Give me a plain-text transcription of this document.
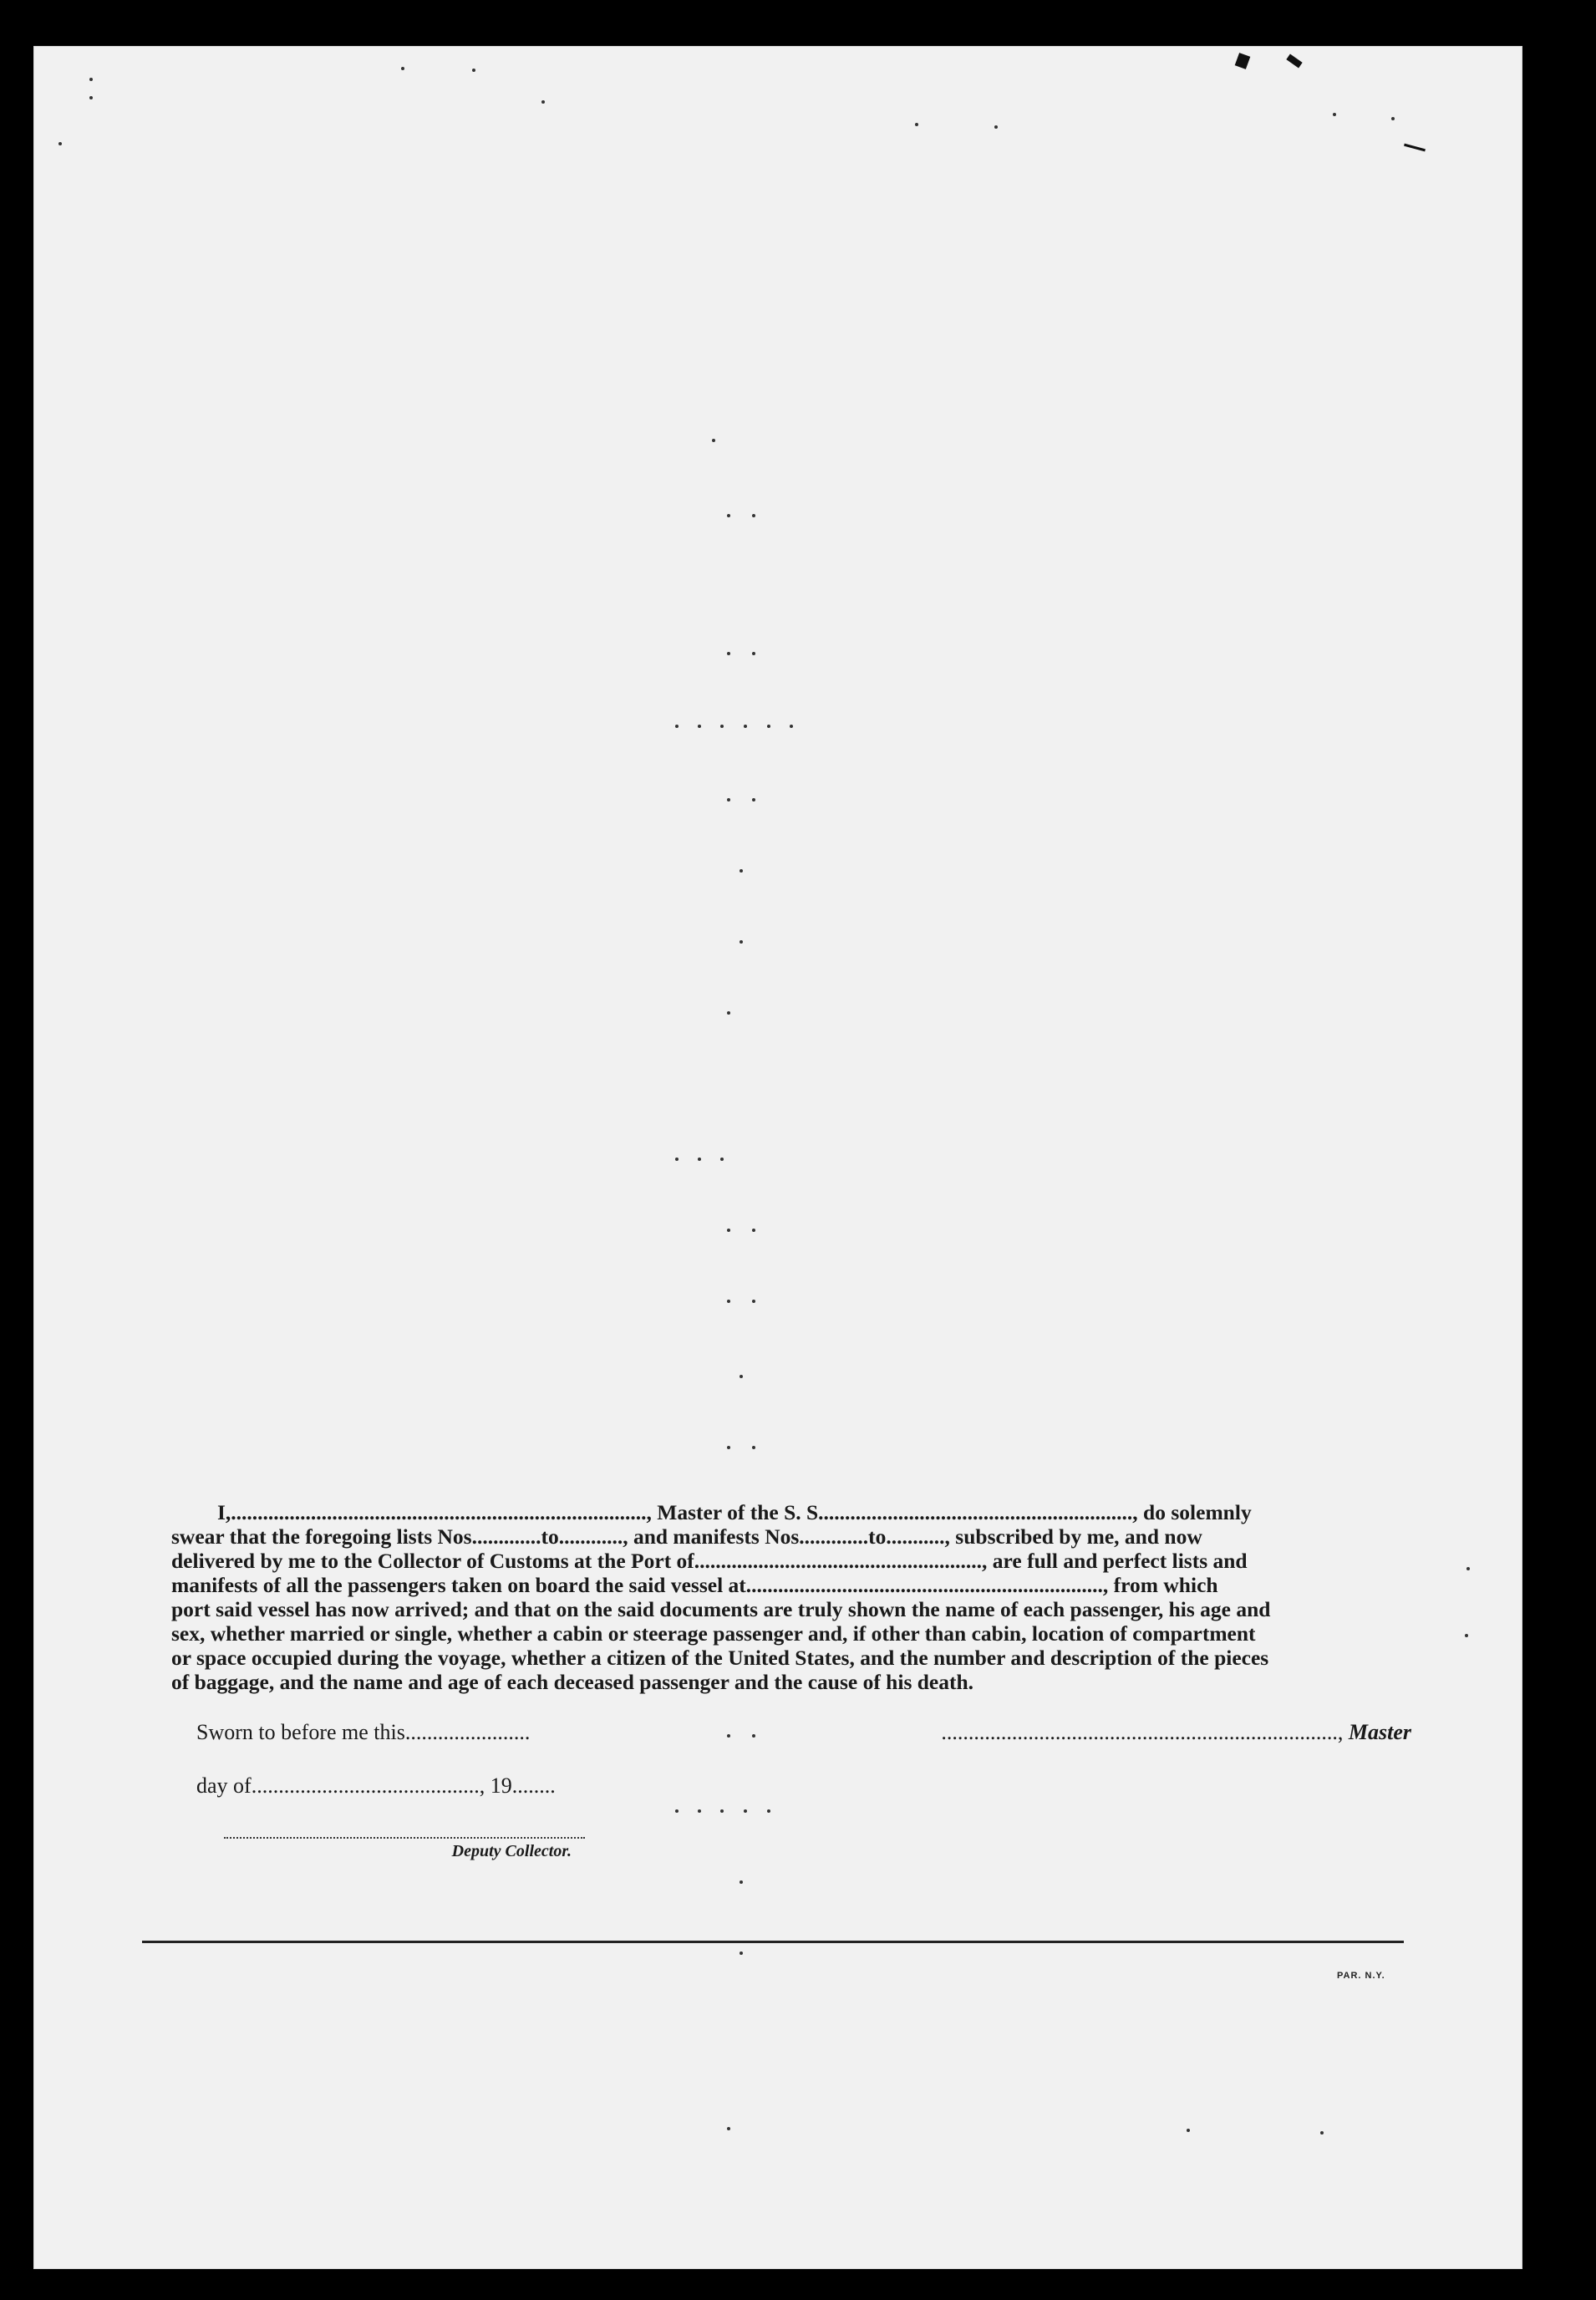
I,.............................................................................., Master of the S. S..........................................................., do solemnly

swear that the foregoing lists Nos.............to............, and manifests Nos.............to..........., subscribed by me, and now

delivered by me to the Collector of Customs at the Port of......................................................, are full and perfect lists and

manifests of all the passengers taken on board the said vessel at..................................................................., from which

port said vessel has now arrived; and that on the said documents are truly shown the name of each passenger, his age and

sex, whether married or single, whether a cabin or steerage passenger and, if other than cabin, location of compartment

or space occupied during the voyage, whether a citizen of the United States, and the number and description of the pieces

of baggage, and the name and age of each deceased passenger and the cause of his death.

Sworn to before me this.......................	........................................................................., Master
day of.........................................., 19........
Deputy Collector.
PAR. N.Y.
